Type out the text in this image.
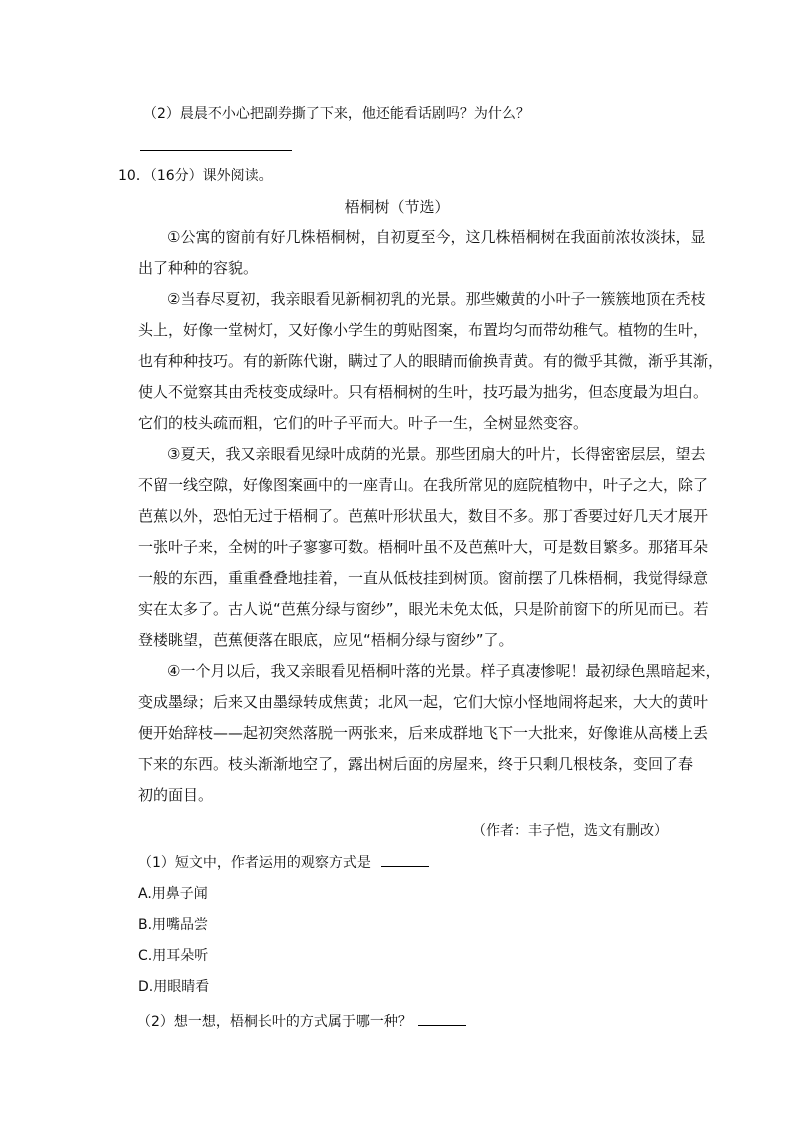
（2）晨晨不小心把副券撕了下来，他还能看话剧吗？为什么？
10．（16分）课外阅读。
梧桐树（节选）
①公寓的窗前有好几株梧桐树，自初夏至今，这几株梧桐树在我面前浓妆淡抹，显
出了种种的容貌。
②当春尽夏初，我亲眼看见新桐初乳的光景。那些嫩黄的小叶子一簇簇地顶在秃枝
头上，好像一堂树灯，又好像小学生的剪贴图案，布置均匀而带幼稚气。植物的生叶，
也有种种技巧。有的新陈代谢，瞒过了人的眼睛而偷换青黄。有的微乎其微，渐乎其渐，
使人不觉察其由秃枝变成绿叶。只有梧桐树的生叶，技巧最为拙劣，但态度最为坦白。
它们的枝头疏而粗，它们的叶子平而大。叶子一生，全树显然变容。
③夏天，我又亲眼看见绿叶成荫的光景。那些团扇大的叶片，长得密密层层，望去
不留一线空隙，好像图案画中的一座青山。在我所常见的庭院植物中，叶子之大，除了
芭蕉以外，恐怕无过于梧桐了。芭蕉叶形状虽大，数目不多。那丁香要过好几天才展开
一张叶子来，全树的叶子寥寥可数。梧桐叶虽不及芭蕉叶大，可是数目繁多。那猪耳朵
一般的东西，重重叠叠地挂着，一直从低枝挂到树顶。窗前摆了几株梧桐，我觉得绿意
实在太多了。古人说“芭蕉分绿与窗纱”，眼光未免太低，只是阶前窗下的所见而已。若
登楼眺望，芭蕉便落在眼底，应见“梧桐分绿与窗纱”了。
④一个月以后，我又亲眼看见梧桐叶落的光景。样子真凄惨呢！最初绿色黑暗起来，
变成墨绿；后来又由墨绿转成焦黄；北风一起，它们大惊小怪地闹将起来，大大的黄叶
便开始辞枝——起初突然落脱一两张来，后来成群地飞下一大批来，好像谁从高楼上丢
下来的东西。枝头渐渐地空了，露出树后面的房屋来，终于只剩几根枝条，变回了春
初的面目。
（作者：丰子恺，选文有删改）
（1）短文中，作者运用的观察方式是
A.用鼻子闻
B.用嘴品尝
C.用耳朵听
D.用眼睛看
（2）想一想，梧桐长叶的方式属于哪一种？
